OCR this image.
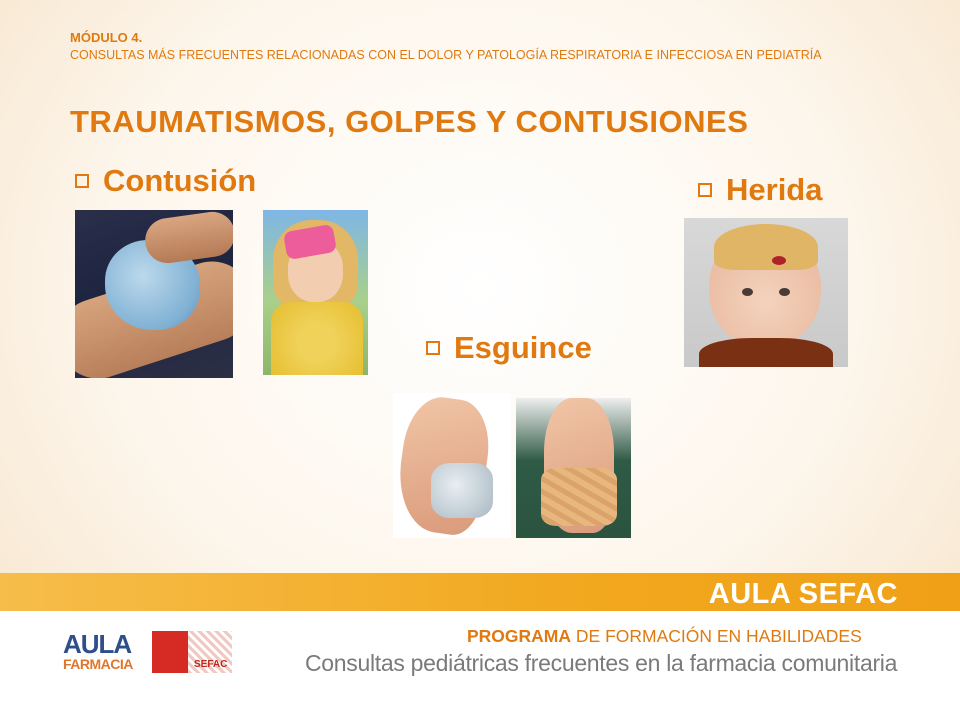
MÓDULO 4.
CONSULTAS MÁS FRECUENTES RELACIONADAS CON EL DOLOR Y PATOLOGÍA RESPIRATORIA E INFECCIOSA EN PEDIATRÍA
TRAUMATISMOS, GOLPES Y CONTUSIONES
Contusión	Herida
Esguince
AULA SEFAC
AULA
FARMACIA	SEFAC
PROGRAMA DE FORMACIÓN EN HABILIDADES
Consultas pediátricas frecuentes en la farmacia comunitaria
